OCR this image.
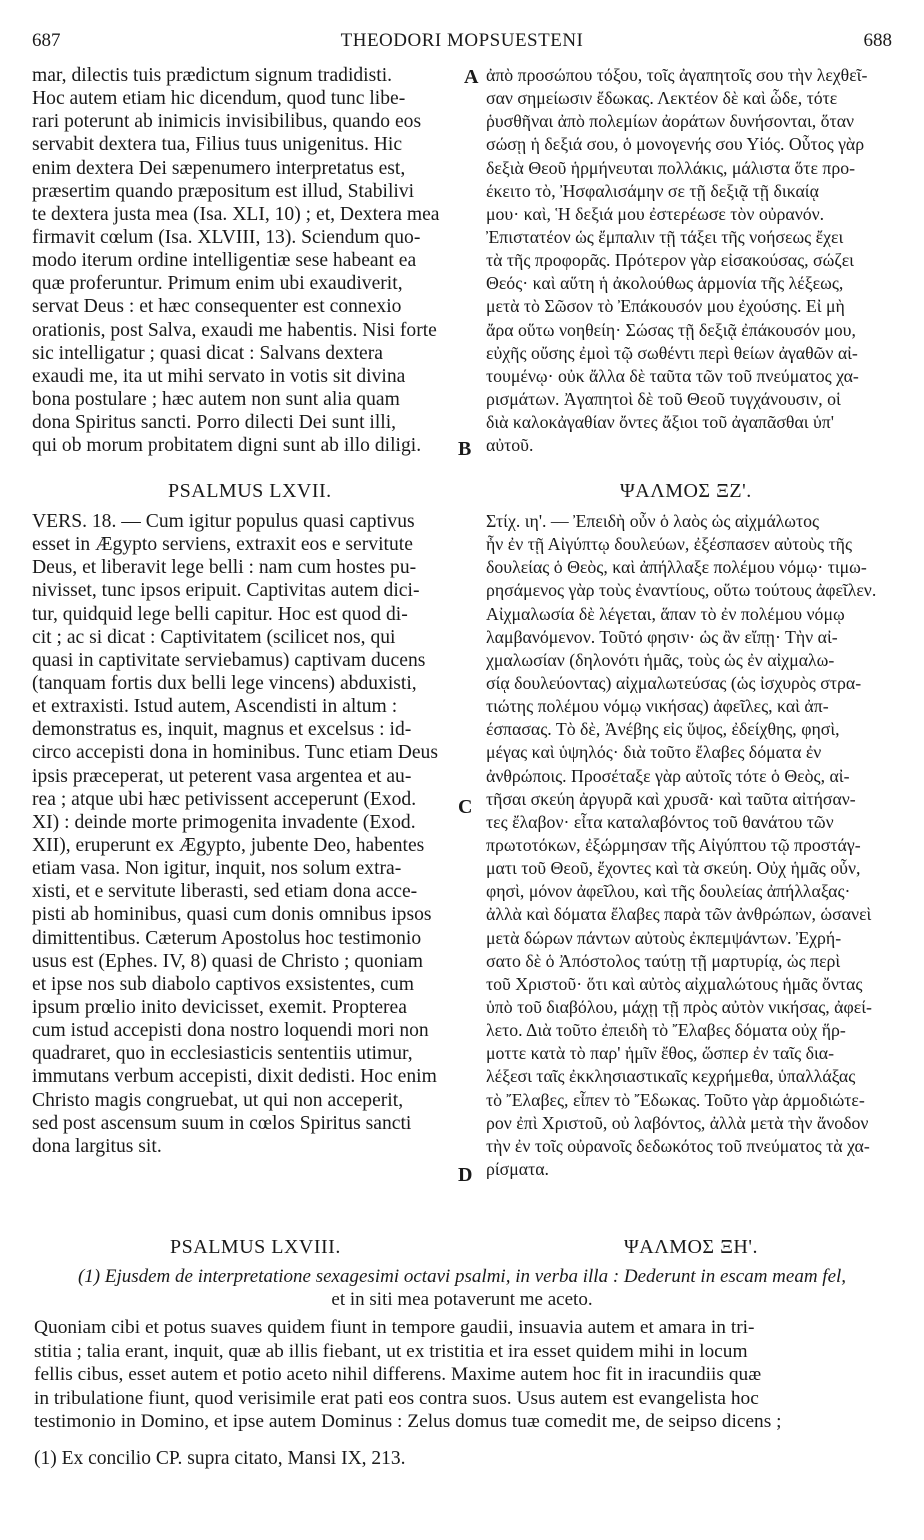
687	THEODORI MOPSUESTENI	688
mar, dilectis tuis prædictum signum tradidisti.
Hoc autem etiam hic dicendum, quod tunc libe-
rari poterunt ab inimicis invisibilibus, quando eos
servabit dextera tua, Filius tuus unigenitus. Hic
enim dextera Dei sæpenumero interpretatus est,
præsertim quando præpositum est illud, Stabilivi
te dextera justa mea (Isa. XLI, 10) ; et, Dextera mea
firmavit cœlum (Isa. XLVIII, 13). Sciendum quo-
modo iterum ordine intelligentiæ sese habeant ea
quæ proferuntur. Primum enim ubi exaudiverit,
servat Deus : et hæc consequenter est connexio
orationis, post Salva, exaudi me habentis. Nisi forte
sic intelligatur ; quasi dicat : Salvans dextera
exaudi me, ita ut mihi servato in votis sit divina
bona postulare ; hæc autem non sunt alia quam
dona Spiritus sancti. Porro dilecti Dei sunt illi,
qui ob morum probitatem digni sunt ab illo diligi.
PSALMUS LXVII.
VERS. 18. — Cum igitur populus quasi captivus
esset in Ægypto serviens, extraxit eos e servitute
Deus, et liberavit lege belli : nam cum hostes pu-
nivisset, tunc ipsos eripuit. Captivitas autem dici-
tur, quidquid lege belli capitur. Hoc est quod di-
cit ; ac si dicat : Captivitatem (scilicet nos, qui
quasi in captivitate serviebamus) captivam ducens
(tanquam fortis dux belli lege vincens) abduxisti,
et extraxisti. Istud autem, Ascendisti in altum :
demonstratus es, inquit, magnus et excelsus : id-
circo accepisti dona in hominibus. Tunc etiam Deus
ipsis præceperat, ut peterent vasa argentea et au-
rea ; atque ubi hæc petivissent acceperunt (Exod.
XI) : deinde morte primogenita invadente (Exod.
XII), eruperunt ex Ægypto, jubente Deo, habentes
etiam vasa. Non igitur, inquit, nos solum extra-
xisti, et e servitute liberasti, sed etiam dona acce-
pisti ab hominibus, quasi cum donis omnibus ipsos
dimittentibus. Cæterum Apostolus hoc testimonio
usus est (Ephes. IV, 8) quasi de Christo ; quoniam
et ipse nos sub diabolo captivos exsistentes, cum
ipsum prœlio inito devicisset, exemit. Propterea
cum istud accepisti dona nostro loquendi mori non
quadraret, quo in ecclesiasticis sententiis utimur,
immutans verbum accepisti, dixit dedisti. Hoc enim
Christo magis congruebat, ut qui non acceperit,
sed post ascensum suum in cœlos Spiritus sancti
dona largitus sit.
A
B
C
D
ἀπὸ προσώπου τόξου, τοῖς ἀγαπητοῖς σου τὴν λεχθεῖ-
σαν σημείωσιν ἔδωκας. Λεκτέον δὲ καὶ ὧδε, τότε
ῥυσθῆναι ἀπὸ πολεμίων ἀοράτων δυνήσονται, ὅταν
σώσῃ ἡ δεξιά σου, ὁ μονογενής σου Υἱός. Οὗτος γὰρ
δεξιὰ Θεοῦ ἡρμήνευται πολλάκις, μάλιστα ὅτε προ-
έκειτο τὸ, Ἠσφαλισάμην σε τῇ δεξιᾷ τῇ δικαίᾳ
μου· καὶ, Ἡ δεξιά μου ἐστερέωσε τὸν οὐρανόν.
Ἐπιστατέον ὡς ἔμπαλιν τῇ τάξει τῆς νοήσεως ἔχει
τὰ τῆς προφορᾶς. Πρότερον γὰρ εἰσακούσας, σώζει
Θεός· καὶ αὕτη ἡ ἀκολούθως ἁρμονία τῆς λέξεως,
μετὰ τὸ Σῶσον τὸ Ἐπάκουσόν μου ἐχούσης. Εἰ μὴ
ἄρα οὕτω νοηθείη· Σώσας τῇ δεξιᾷ ἐπάκουσόν μου,
εὐχῆς οὔσης ἐμοὶ τῷ σωθέντι περὶ θείων ἀγαθῶν αἰ-
τουμένῳ· οὐκ ἄλλα δὲ ταῦτα τῶν τοῦ πνεύματος χα-
ρισμάτων. Ἀγαπητοὶ δὲ τοῦ Θεοῦ τυγχάνουσιν, οἱ
διὰ καλοκἀγαθίαν ὄντες ἄξιοι τοῦ ἀγαπᾶσθαι ὑπ'
αὐτοῦ.
ΨΑΛΜΟΣ ΞΖ'.
Στίχ. ιη'. — Ἐπειδὴ οὖν ὁ λαὸς ὡς αἰχμάλωτος
ἦν ἐν τῇ Αἰγύπτῳ δουλεύων, ἐξέσπασεν αὐτοὺς τῆς
δουλείας ὁ Θεὸς, καὶ ἀπήλλαξε πολέμου νόμῳ· τιμω-
ρησάμενος γὰρ τοὺς ἐναντίους, οὕτω τούτους ἀφεῖλεν.
Αἰχμαλωσία δὲ λέγεται, ἅπαν τὸ ἐν πολέμου νόμῳ
λαμβανόμενον. Τοῦτό φησιν· ὡς ἂν εἴπῃ· Τὴν αἰ-
χμαλωσίαν (δηλονότι ἡμᾶς, τοὺς ὡς ἐν αἰχμαλω-
σίᾳ δουλεύοντας) αἰχμαλωτεύσας (ὡς ἰσχυρὸς στρα-
τιώτης πολέμου νόμῳ νικήσας) ἀφεῖλες, καὶ ἀπ-
έσπασας. Τὸ δὲ, Ἀνέβης εἰς ὕψος, ἐδείχθης, φησὶ,
μέγας καὶ ὑψηλός· διὰ τοῦτο ἔλαβες δόματα ἐν
ἀνθρώποις. Προσέταξε γὰρ αὐτοῖς τότε ὁ Θεὸς, αἰ-
τῆσαι σκεύη ἀργυρᾶ καὶ χρυσᾶ· καὶ ταῦτα αἰτήσαν-
τες ἔλαβον· εἶτα καταλαβόντος τοῦ θανάτου τῶν
πρωτοτόκων, ἐξώρμησαν τῆς Αἰγύπτου τῷ προστάγ-
ματι τοῦ Θεοῦ, ἔχοντες καὶ τὰ σκεύη. Οὐχ ἡμᾶς οὖν,
φησὶ, μόνον ἀφεῖλου, καὶ τῆς δουλείας ἀπήλλαξας·
ἀλλὰ καὶ δόματα ἔλαβες παρὰ τῶν ἀνθρώπων, ὡσανεὶ
μετὰ δώρων πάντων αὐτοὺς ἐκπεμψάντων. Ἐχρή-
σατο δὲ ὁ Ἀπόστολος ταύτῃ τῇ μαρτυρίᾳ, ὡς περὶ
τοῦ Χριστοῦ· ὅτι καὶ αὐτὸς αἰχμαλώτους ἡμᾶς ὄντας
ὑπὸ τοῦ διαβόλου, μάχῃ τῇ πρὸς αὐτὸν νικήσας, ἀφεί-
λετο. Διὰ τοῦτο ἐπειδὴ τὸ Ἔλαβες δόματα οὐχ ἥρ-
μοττε κατὰ τὸ παρ' ἡμῖν ἔθος, ὥσπερ ἐν ταῖς δια-
λέξεσι ταῖς ἐκκλησιαστικαῖς κεχρήμεθα, ὑπαλλάξας
τὸ Ἔλαβες, εἶπεν τὸ Ἔδωκας. Τοῦτο γὰρ ἁρμοδιώτε-
ρον ἐπὶ Χριστοῦ, οὐ λαβόντος, ἀλλὰ μετὰ τὴν ἄνοδον
τὴν ἐν τοῖς οὐρανοῖς δεδωκότος τοῦ πνεύματος τὰ χα-
ρίσματα.
PSALMUS LXVIII.	ΨΑΛΜΟΣ ΞΗ'.
(1) Ejusdem de interpretatione sexagesimi octavi psalmi, in verba illa : Dederunt in escam meam fel,
et in siti mea potaverunt me aceto.
Quoniam cibi et potus suaves quidem fiunt in tempore gaudii, insuavia autem et amara in tri-
stitia ; talia erant, inquit, quæ ab illis fiebant, ut ex tristitia et ira esset quidem mihi in locum
fellis cibus, esset autem et potio aceto nihil differens. Maxime autem hoc fit in iracundiis quæ
in tribulatione fiunt, quod verisimile erat pati eos contra suos. Usus autem est evangelista hoc
testimonio in Domino, et ipse autem Dominus : Zelus domus tuæ comedit me, de seipso dicens ;
(1) Ex concilio CP. supra citato, Mansi IX, 213.
